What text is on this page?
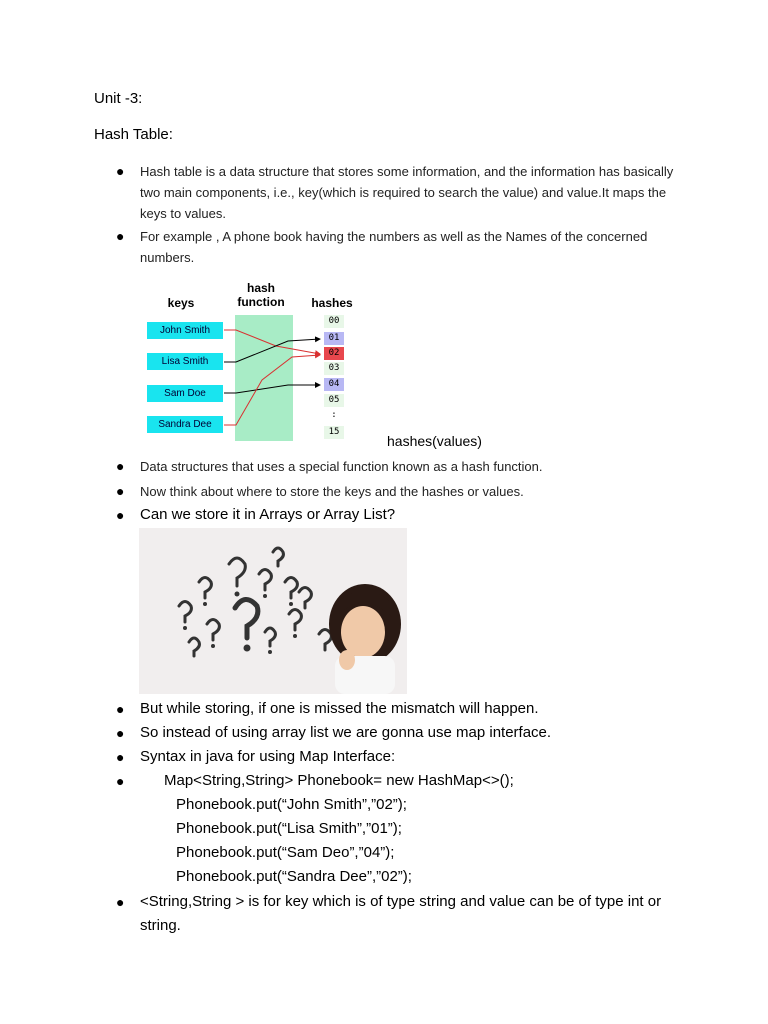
Unit -3:
Hash Table:
● Hash table is a data structure that stores some information, and the information has basically two main components, i.e., key(which is required to search the value) and value.It maps the keys to values.
● For example , A phone book having the numbers as well as the Names of the concerned numbers.
keys
hash function	hashes
John Smith
Lisa Smith
Sam Doe
Sandra Dee
00
01
02
03
04
05
:
15
hashes(values)
● Data structures that uses a special function known as a hash function.
● Now think about where to store the keys and the hashes or values.
● Can we store it in Arrays or Array List?
● But while storing, if one is missed the mismatch will happen.
● So instead of using array list we are gonna use map interface.
● Syntax in java for using Map Interface:
●	Map<String,String> Phonebook= new HashMap<>();
Phonebook.put(“John Smith”,”02”);
Phonebook.put(“Lisa Smith”,”01”);
Phonebook.put(“Sam Deo”,”04”);
Phonebook.put(“Sandra Dee”,”02”);
● <String,String > is for key which is of type string and value can be of type int or string.
